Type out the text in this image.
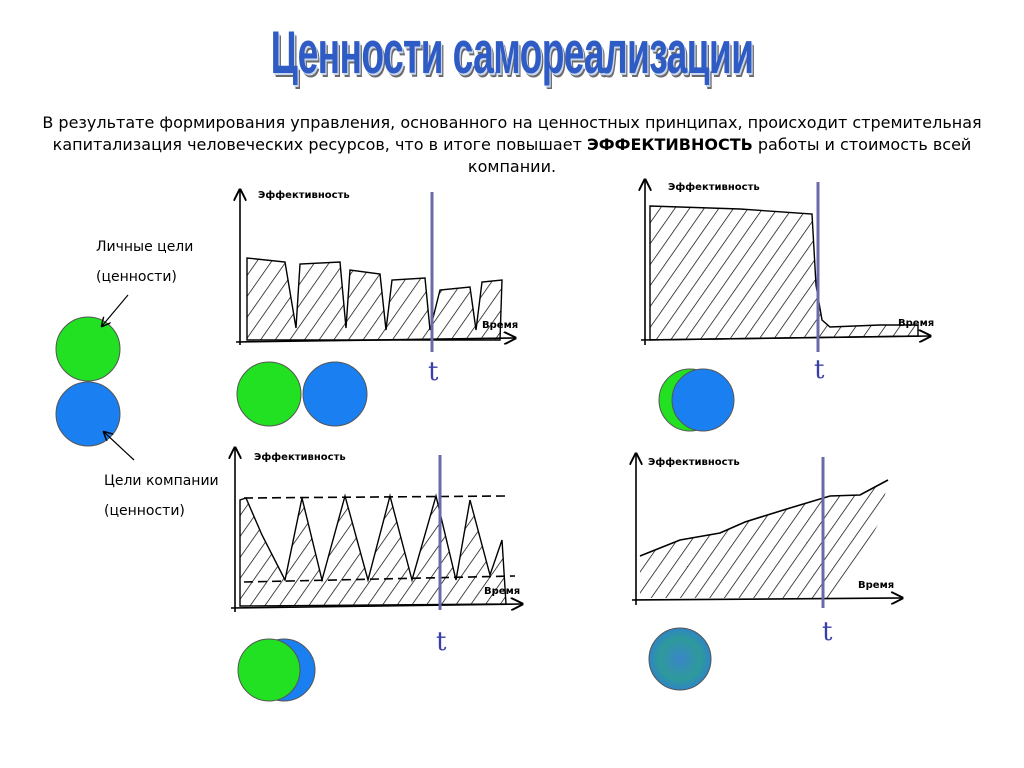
Ценности самореализации
В результате формирования управления, основанного на ценностных принципах, происходит стремительная капитализация человеческих ресурсов, что в итоге повышает ЭФФЕКТИВНОСТЬ работы и стоимость всей компании.
Личные цели
(ценности)
Цели компании
(ценности)
Эффективность
Время
t
Эффективность
Время
t
Эффективность
Время
t
Эффективность
Время
t
